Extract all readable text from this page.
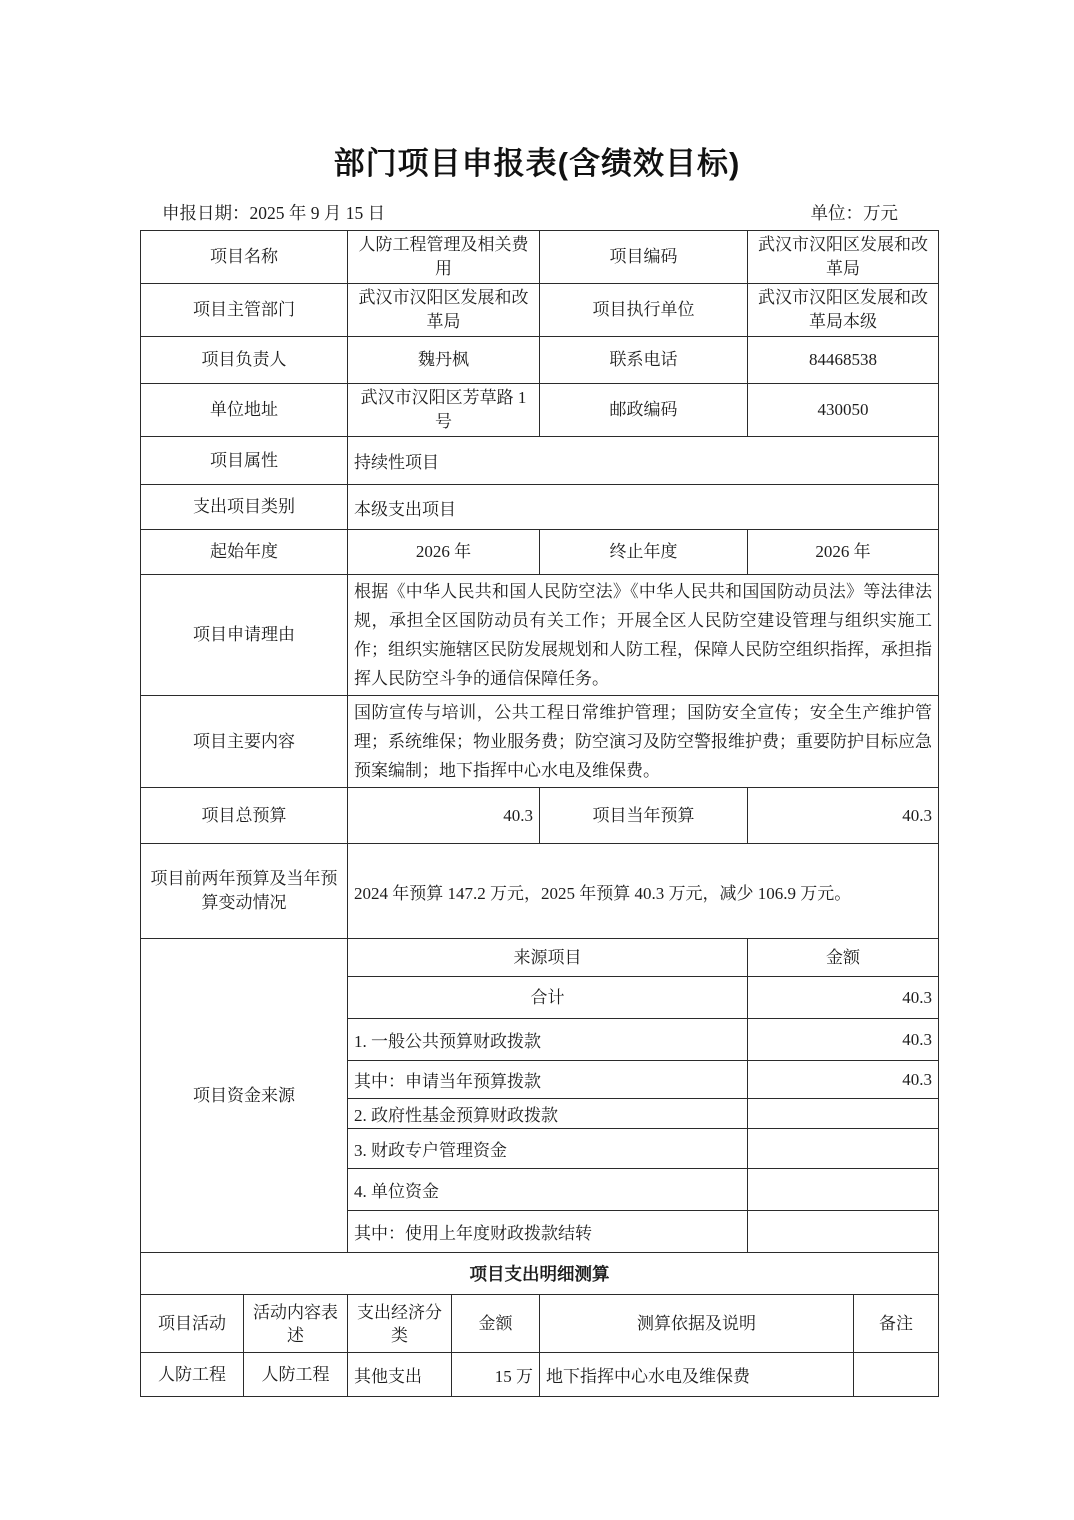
部门项目申报表(含绩效目标)
申报日期：2025 年 9 月 15 日	单位：万元
项目名称		人防工程管理及相关费用		项目编码	武汉市汉阳区发展和改革局	
项目主管部门		武汉市汉阳区发展和改革局		项目执行单位	武汉市汉阳区发展和改革局本级	
项目负责人		魏丹枫		联系电话	84468538	
单位地址		武汉市汉阳区芳草路 1 号		邮政编码	430050	
项目属性		持续性项目				
支出项目类别		本级支出项目				
起始年度		2026 年		终止年度	2026 年	
项目申请理由		根据《中华人民共和国人民防空法》《中华人民共和国国防动员法》等法律法规，承担全区国防动员有关工作；开展全区人民防空建设管理与组织实施工作；组织实施辖区民防发展规划和人防工程，保障人民防空组织指挥，承担指挥人民防空斗争的通信保障任务。				
项目主要内容		国防宣传与培训，公共工程日常维护管理；国防安全宣传；安全生产维护管理；系统维保；物业服务费；防空演习及防空警报维护费；重要防护目标应急预案编制；地下指挥中心水电及维保费。				
项目总预算		40.3		项目当年预算	40.3	
项目前两年预算及当年预算变动情况		2024 年预算 147.2 万元，2025 年预算 40.3 万元，减少 106.9 万元。				
项目资金来源		来源项目			金额	
		合计			40.3	
		1. 一般公共预算财政拨款			40.3	
		其中：申请当年预算拨款			40.3	
		2. 政府性基金预算财政拨款				
		3. 财政专户管理资金				
		4. 单位资金				
		其中：使用上年度财政拨款结转				
项目支出明细测算						
项目活动	活动内容表述	支出经济分类	金额	测算依据及说明		备注
人防工程	人防工程	其他支出	15 万	地下指挥中心水电及维保费		
